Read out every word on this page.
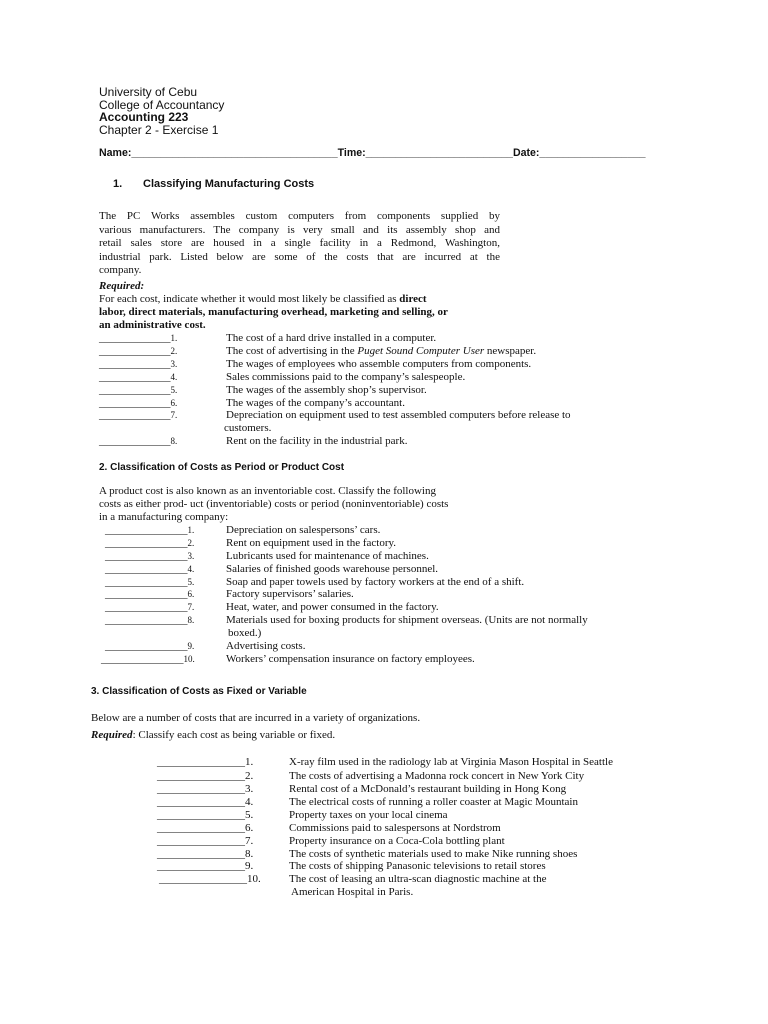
University of Cebu
College of Accountancy
Accounting 223
Chapter 2 - Exercise 1
Name:___________________________________Time:_________________________Date:__________________
1. Classifying Manufacturing Costs
The PC Works assembles custom computers from components supplied by
various manufacturers. The company is very small and its assembly shop and
retail sales store are housed in a single facility in a Redmond, Washington,
industrial park. Listed below are some of the costs that are incurred at the
company.
Required:
For each cost, indicate whether it would most likely be classified as direct
labor, direct materials, manufacturing overhead, marketing and selling, or
an administrative cost.
_____________1.	The cost of a hard drive installed in a computer.
_____________2.	The cost of advertising in the Puget Sound Computer User newspaper.
_____________3.	The wages of employees who assemble computers from components.
_____________4.	Sales commissions paid to the company’s salespeople.
_____________5.	The wages of the assembly shop’s supervisor.
_____________6.	The wages of the company’s accountant.
_____________7.	Depreciation on equipment used to test assembled computers before release to
customers.
_____________8.	Rent on the facility in the industrial park.
2. Classification of Costs as Period or Product Cost
A product cost is also known as an inventoriable cost. Classify the following
costs as either prod- uct (inventoriable) costs or period (noninventoriable) costs
in a manufacturing company:
_______________1.	Depreciation on salespersons’ cars.
_______________2.	Rent on equipment used in the factory.
_______________3.	Lubricants used for maintenance of machines.
_______________4.	Salaries of finished goods warehouse personnel.
_______________5.	Soap and paper towels used by factory workers at the end of a shift.
_______________6.	Factory supervisors’ salaries.
_______________7.	Heat, water, and power consumed in the factory.
_______________8.	Materials used for boxing products for shipment overseas. (Units are not normally
boxed.)
_______________9.	Advertising costs.
_______________10.	Workers’ compensation insurance on factory employees.
3. Classification of Costs as Fixed or Variable
Below are a number of costs that are incurred in a variety of organizations.
Required: Classify each cost as being variable or fixed.
________________1.	X-ray film used in the radiology lab at Virginia Mason Hospital in Seattle
________________2.	The costs of advertising a Madonna rock concert in New York City
________________3.	Rental cost of a McDonald’s restaurant building in Hong Kong
________________4.	The electrical costs of running a roller coaster at Magic Mountain
________________5.	Property taxes on your local cinema
________________6.	Commissions paid to salespersons at Nordstrom
________________7.	Property insurance on a Coca-Cola bottling plant
________________8.	The costs of synthetic materials used to make Nike running shoes
________________9.	The costs of shipping Panasonic televisions to retail stores
________________10.	The cost of leasing an ultra-scan diagnostic machine at the
American Hospital in Paris.
